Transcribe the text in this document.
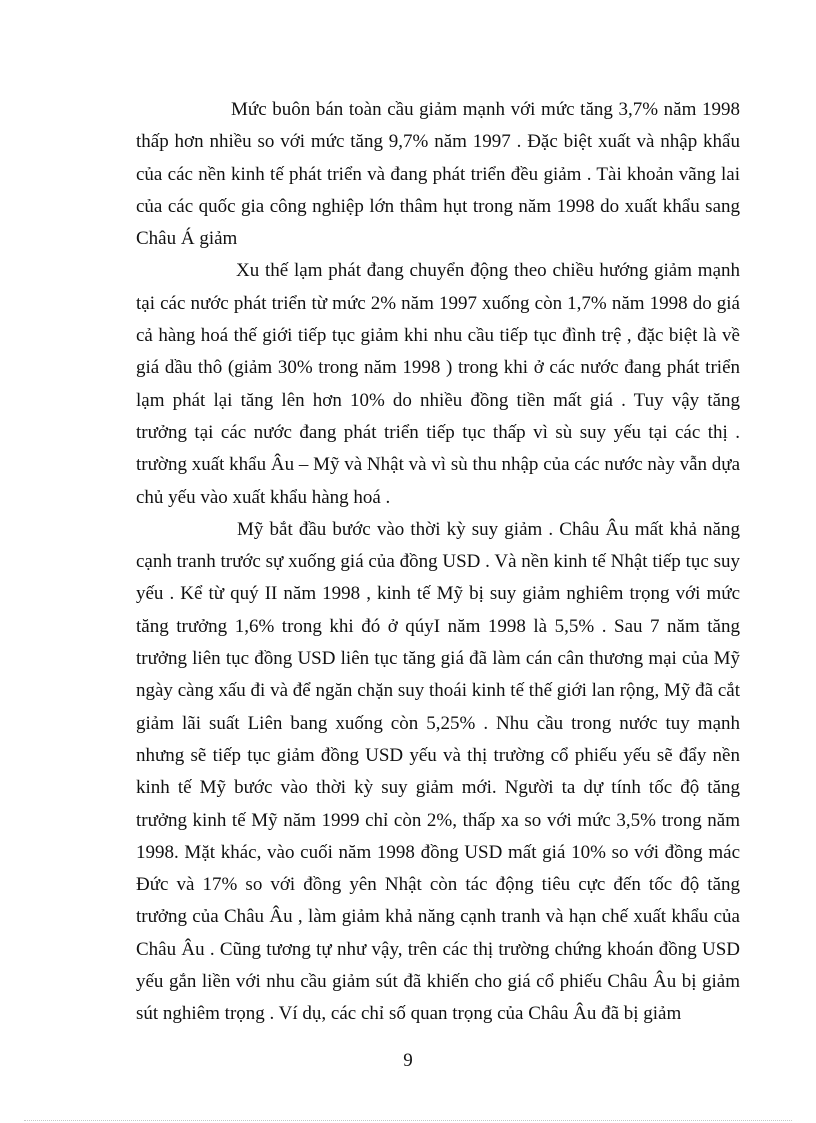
Mức buôn bán toàn cầu giảm mạnh với mức tăng 3,7% năm 1998 thấp hơn nhiều so với mức tăng 9,7% năm 1997 . Đặc biệt xuất và nhập khẩu của các nền kinh tế phát triển và đang phát triển đều giảm . Tài khoản vãng lai của các quốc gia công nghiệp lớn thâm hụt trong năm 1998 do xuất khẩu sang Châu Á giảm

Xu thế lạm phát đang chuyển động theo chiều hướng giảm mạnh tại các nước phát triển từ mức 2% năm 1997 xuống còn 1,7% năm 1998 do giá cả hàng hoá thế giới tiếp tục giảm khi nhu cầu tiếp tục đình trệ , đặc biệt là về giá dầu thô (giảm 30% trong năm 1998 ) trong khi ở các nước đang phát triển lạm phát lại tăng lên hơn 10% do nhiều đồng tiền mất giá . Tuy vậy tăng trưởng tại các nước đang phát triển tiếp tục thấp vì sù suy yếu tại các thị . trường xuất khẩu Âu – Mỹ và Nhật và vì sù thu nhập của các nước này vẫn dựa chủ yếu vào xuất khẩu hàng hoá .

Mỹ bắt đầu bước vào thời kỳ suy giảm . Châu Âu mất khả năng cạnh tranh trước sự xuống giá của đồng USD . Và nền kinh tế Nhật tiếp tục suy yếu . Kể từ quý II năm 1998 , kinh tế Mỹ bị suy giảm nghiêm trọng với mức tăng trưởng 1,6% trong khi đó ở qúyI năm 1998 là 5,5% . Sau 7 năm tăng trưởng liên tục đồng USD liên tục tăng giá đã làm cán cân thương mại của Mỹ ngày càng xấu đi và để ngăn chặn suy thoái kinh tế thế giới lan rộng, Mỹ đã cắt giảm lãi suất Liên bang xuống còn 5,25% . Nhu cầu trong nước tuy mạnh nhưng sẽ tiếp tục giảm đồng USD yếu và thị trường cổ phiếu yếu sẽ đẩy nền kinh tế Mỹ bước vào thời kỳ suy giảm mới. Người ta dự tính tốc độ tăng trưởng kinh tế Mỹ năm 1999 chỉ còn 2%, thấp xa so với mức 3,5% trong năm 1998. Mặt khác, vào cuối năm 1998 đồng USD mất giá 10% so với đồng mác Đức và 17% so với đồng yên Nhật còn tác động tiêu cực đến tốc độ tăng trưởng của Châu Âu , làm giảm khả năng cạnh tranh và hạn chế xuất khẩu của Châu Âu . Cũng tương tự như vậy, trên các thị trường chứng khoán đồng USD yếu gắn liền với nhu cầu giảm sút đã khiến cho giá cổ phiếu Châu Âu bị giảm sút nghiêm trọng . Ví dụ, các chỉ số quan trọng của Châu Âu đã bị giảm

9
